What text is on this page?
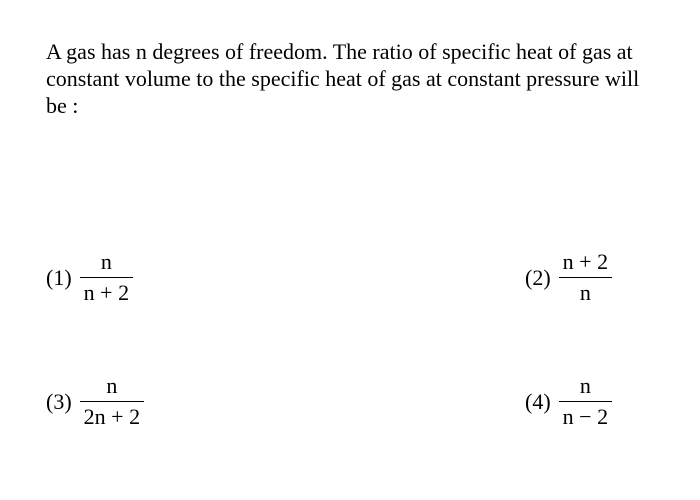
A gas has n degrees of freedom. The ratio of specific heat of gas at constant volume to the specific heat of gas at constant pressure will be :

$(1) \frac{n}{n + 2}$	$(2) \frac{n + 2}{n}$
$(3) \frac{n}{2n + 2}$	$(4) \frac{n}{n - 2}$
